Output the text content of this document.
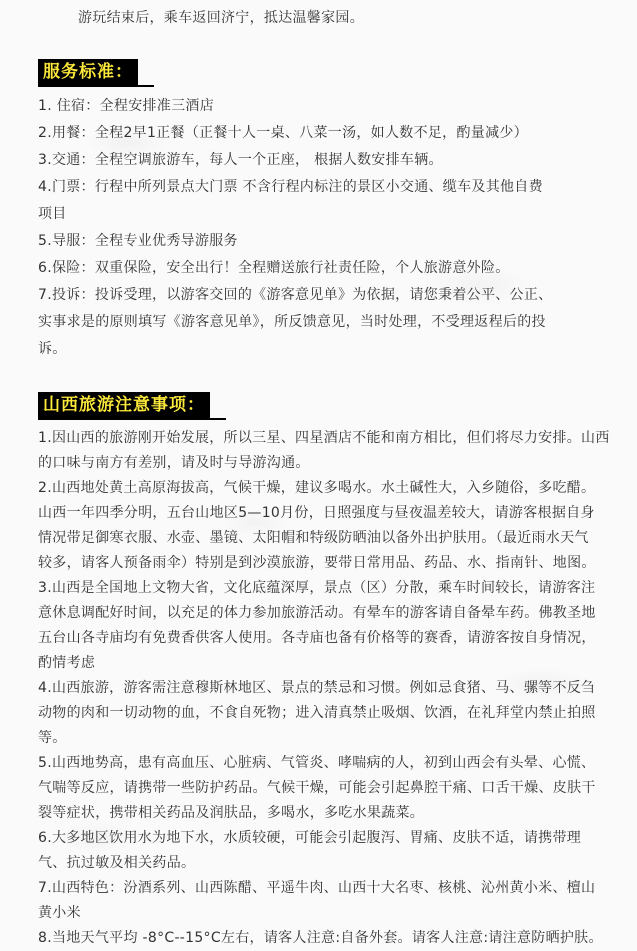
游玩结束后，乘车返回济宁，抵达温馨家园。

服务标准：

1. 住宿：全程安排准三酒店

2.用餐：全程2早1正餐（正餐十人一桌、八菜一汤，如人数不足，酌量减少）

3.交通：全程空调旅游车，每人一个正座， 根据人数安排车辆。

4.门票：行程中所列景点大门票 不含行程内标注的景区小交通、缆车及其他自费

项目

5.导服：全程专业优秀导游服务

6.保险：双重保险，安全出行！全程赠送旅行社责任险，个人旅游意外险。

7.投诉：投诉受理，以游客交回的《游客意见单》为依据，请您秉着公平、公正、

实事求是的原则填写《游客意见单》，所反馈意见，当时处理，不受理返程后的投

诉。

山西旅游注意事项：

1.因山西的旅游刚开始发展，所以三星、四星酒店不能和南方相比，但们将尽力安排。山西

的口味与南方有差别，请及时与导游沟通。

2.山西地处黄土高原海拔高，气候干燥，建议多喝水。水土碱性大，入乡随俗，多吃醋。

山西一年四季分明，五台山地区5—10月份，日照强度与昼夜温差较大，请游客根据自身

情况带足御寒衣服、水壶、墨镜、太阳帽和特级防晒油以备外出护肤用。（最近雨水天气

较多，请客人预备雨伞）特别是到沙漠旅游，要带日常用品、药品、水、指南针、地图。

3.山西是全国地上文物大省，文化底蕴深厚，景点（区）分散，乘车时间较长，请游客注

意休息调配好时间，以充足的体力参加旅游活动。有晕车的游客请自备晕车药。佛教圣地

五台山各寺庙均有免费香供客人使用。各寺庙也备有价格等的赛香，请游客按自身情况，

酌情考虑

4.山西旅游，游客需注意穆斯林地区、景点的禁忌和习惯。例如忌食猪、马、骡等不反刍

动物的肉和一切动物的血，不食自死物；进入清真禁止吸烟、饮酒，在礼拜堂内禁止拍照

等。

5.山西地势高，患有高血压、心脏病、气管炎、哮喘病的人，初到山西会有头晕、心慌、

气喘等反应，请携带一些防护药品。气候干燥，可能会引起鼻腔干痛、口舌干燥、皮肤干

裂等症状，携带相关药品及润肤品，多喝水，多吃水果蔬菜。

6.大多地区饮用水为地下水，水质较硬，可能会引起腹泻、胃痛、皮肤不适，请携带理

气、抗过敏及相关药品。

7.山西特色：汾酒系列、山西陈醋、平遥牛肉、山西十大名枣、核桃、沁州黄小米、檀山

黄小米

8.当地天气平均 -8°C--15°C左右，请客人注意:自备外套。请客人注意:请注意防晒护肤。
